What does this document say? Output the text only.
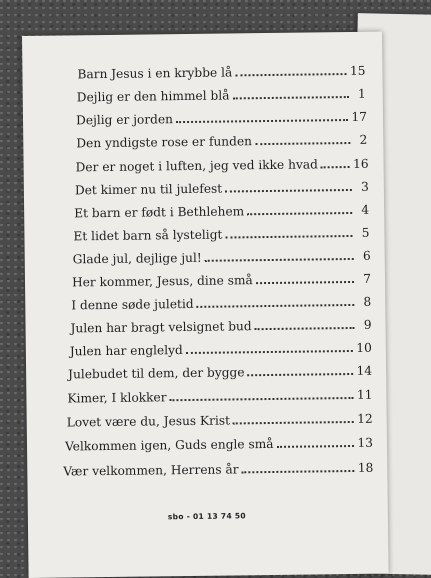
Barn Jesus i en krybbe lå	15
Dejlig er den himmel blå	1
Dejlig er jorden	17
Den yndigste rose er funden	2
Der er noget i luften, jeg ved ikke hvad	16
Det kimer nu til julefest	3
Et barn er født i Bethlehem	4
Et lidet barn så lysteligt	5
Glade jul, dejlige jul!	6
Her kommer, Jesus, dine små	7
I denne søde juletid	8
Julen har bragt velsignet bud	9
Julen har englelyd	10
Julebudet til dem, der bygge	14
Kimer, I klokker	11
Lovet være du, Jesus Krist	12
Velkommen igen, Guds engle små	13
Vær velkommen, Herrens år	18
sbo - 01 13 74 50
